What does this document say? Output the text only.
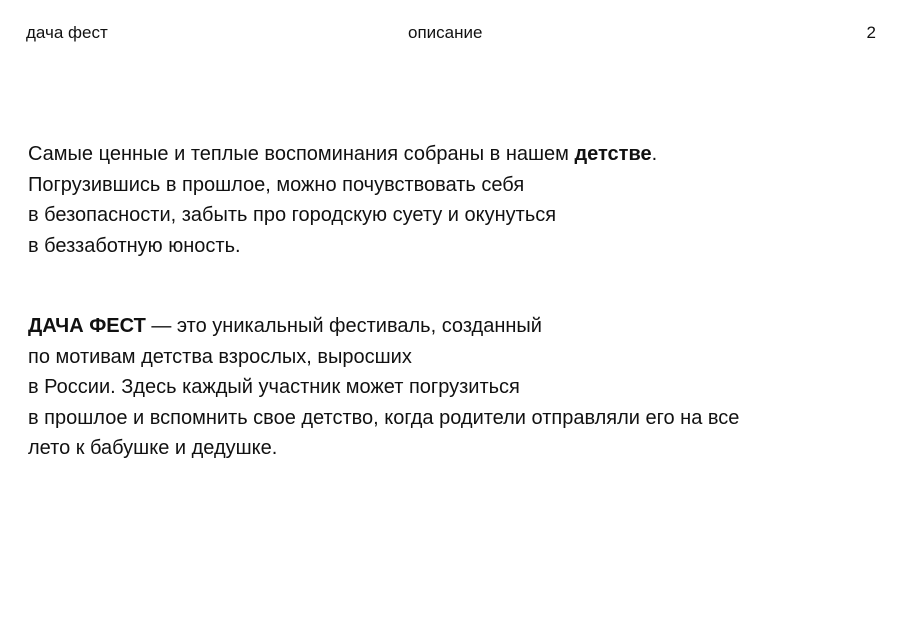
дача фест	описание	2
Самые ценные и теплые воспоминания собраны в нашем детстве.
Погрузившись в прошлое, можно почувствовать себя
в безопасности, забыть про городскую суету и окунуться
в беззаботную юность.
ДАЧА ФЕСТ — это уникальный фестиваль, созданный
по мотивам детства взрослых, выросших
в России. Здесь каждый участник может погрузиться
в прошлое и вспомнить свое детство, когда родители отправляли его на все
лето к бабушке и дедушке.
